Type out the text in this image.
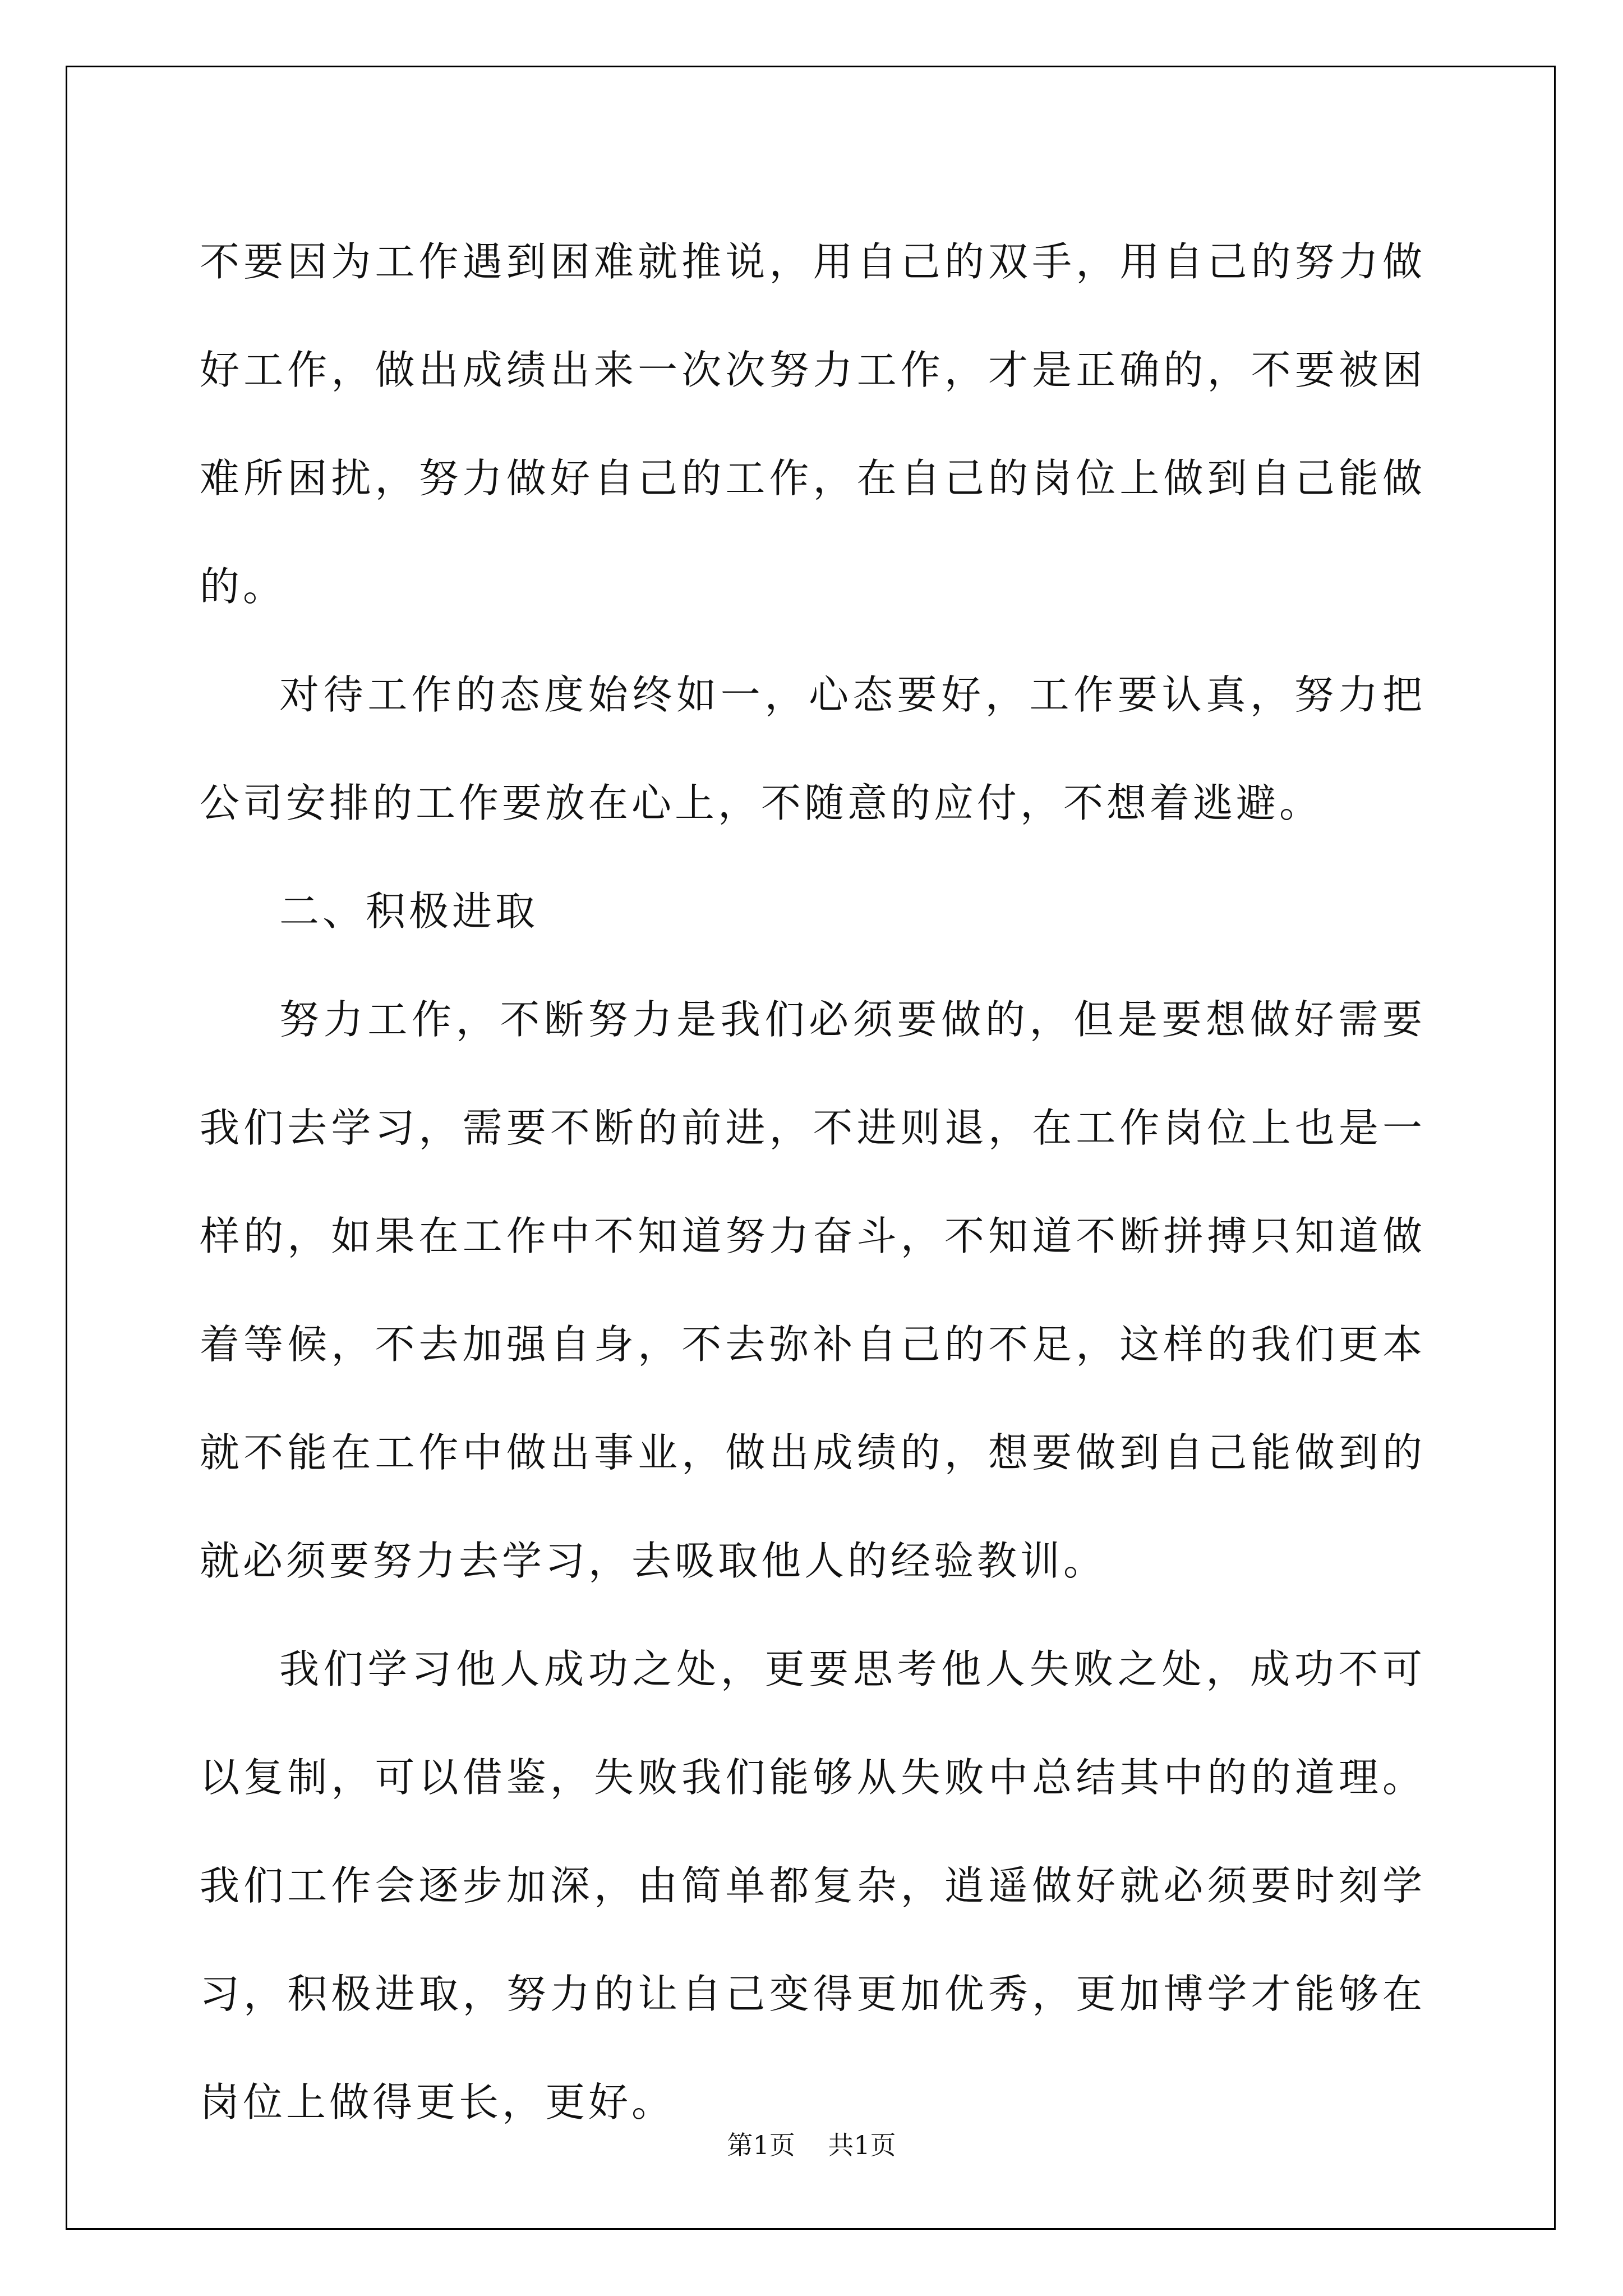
不要因为工作遇到困难就推说，用自己的双手，用自己的努力做好工作，做出成绩出来一次次努力工作，才是正确的，不要被困难所困扰，努力做好自己的工作，在自己的岗位上做到自己能做的。

对待工作的态度始终如一，心态要好，工作要认真，努力把公司安排的工作要放在心上，不随意的应付，不想着逃避。

二、积极进取

努力工作，不断努力是我们必须要做的，但是要想做好需要我们去学习，需要不断的前进，不进则退，在工作岗位上也是一样的，如果在工作中不知道努力奋斗，不知道不断拼搏只知道做着等候，不去加强自身，不去弥补自己的不足，这样的我们更本就不能在工作中做出事业，做出成绩的，想要做到自己能做到的就必须要努力去学习，去吸取他人的经验教训。

我们学习他人成功之处，更要思考他人失败之处，成功不可以复制，可以借鉴，失败我们能够从失败中总结其中的的道理。我们工作会逐步加深，由简单都复杂，逍遥做好就必须要时刻学习，积极进取，努力的让自己变得更加优秀，更加博学才能够在岗位上做得更长，更好。

第1页 共1页
